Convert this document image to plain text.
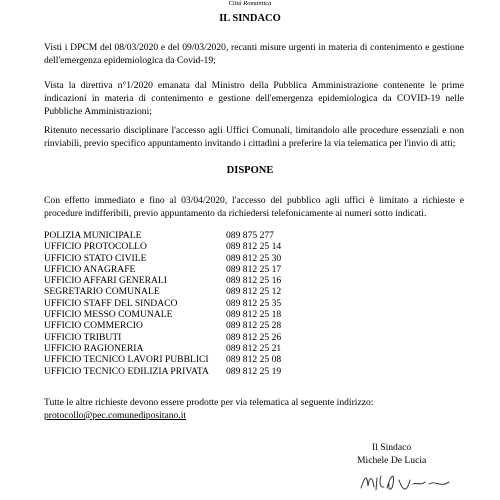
Città Romantica
IL SINDACO
Visti i DPCM del 08/03/2020 e del 09/03/2020, recanti misure urgenti in materia di contenimento e gestione dell'emergenza epidemiologica da Covid-19;
Vista la direttiva n°1/2020 emanata dal Ministro della Pubblica Amministrazione contenente le prime indicazioni in materia di contenimento e gestione dell'emergenza epidemiologica da COVID-19 nelle Pubbliche Amministrazioni;
Ritenuto necessario disciplinare l'accesso agli Uffici Comunali, limitandolo alle procedure essenziali e non rinviabili, previo specifico appuntamento invitando i cittadini a preferire la via telematica per l'invio di atti;
DISPONE
Con effetto immediato e fino al 03/04/2020, l'accesso del pubblico agli uffici è limitato a richieste e procedure indifferibili, previo appuntamento da richiedersi telefonicamente ai numeri sotto indicati.
POLIZIA MUNICIPALE	089 875 277
UFFICIO PROTOCOLLO	089 812 25 14
UFFICIO STATO CIVILE	089 812 25 30
UFFICIO ANAGRAFE	089 812 25 17
UFFICIO AFFARI GENERALI	089 812 25 16
SEGRETARIO COMUNALE	089 812 25 12
UFFICIO STAFF DEL SINDACO	089 812 25 35
UFFICIO MESSO COMUNALE	089 812 25 18
UFFICIO COMMERCIO	089 812 25 28
UFFICIO TRIBUTI	089 812 25 26
UFFICIO RAGIONERIA	089 812 25 21
UFFICIO TECNICO LAVORI PUBBLICI 089 812 25 08
UFFICIO TECNICO EDILIZIA PRIVATA 089 812 25 19
Tutte le altre richieste devono essere prodotte per via telematica al seguente indirizzo:
protocollo@pec.comunedipositano.it
Il Sindaco
Michele De Lucia
